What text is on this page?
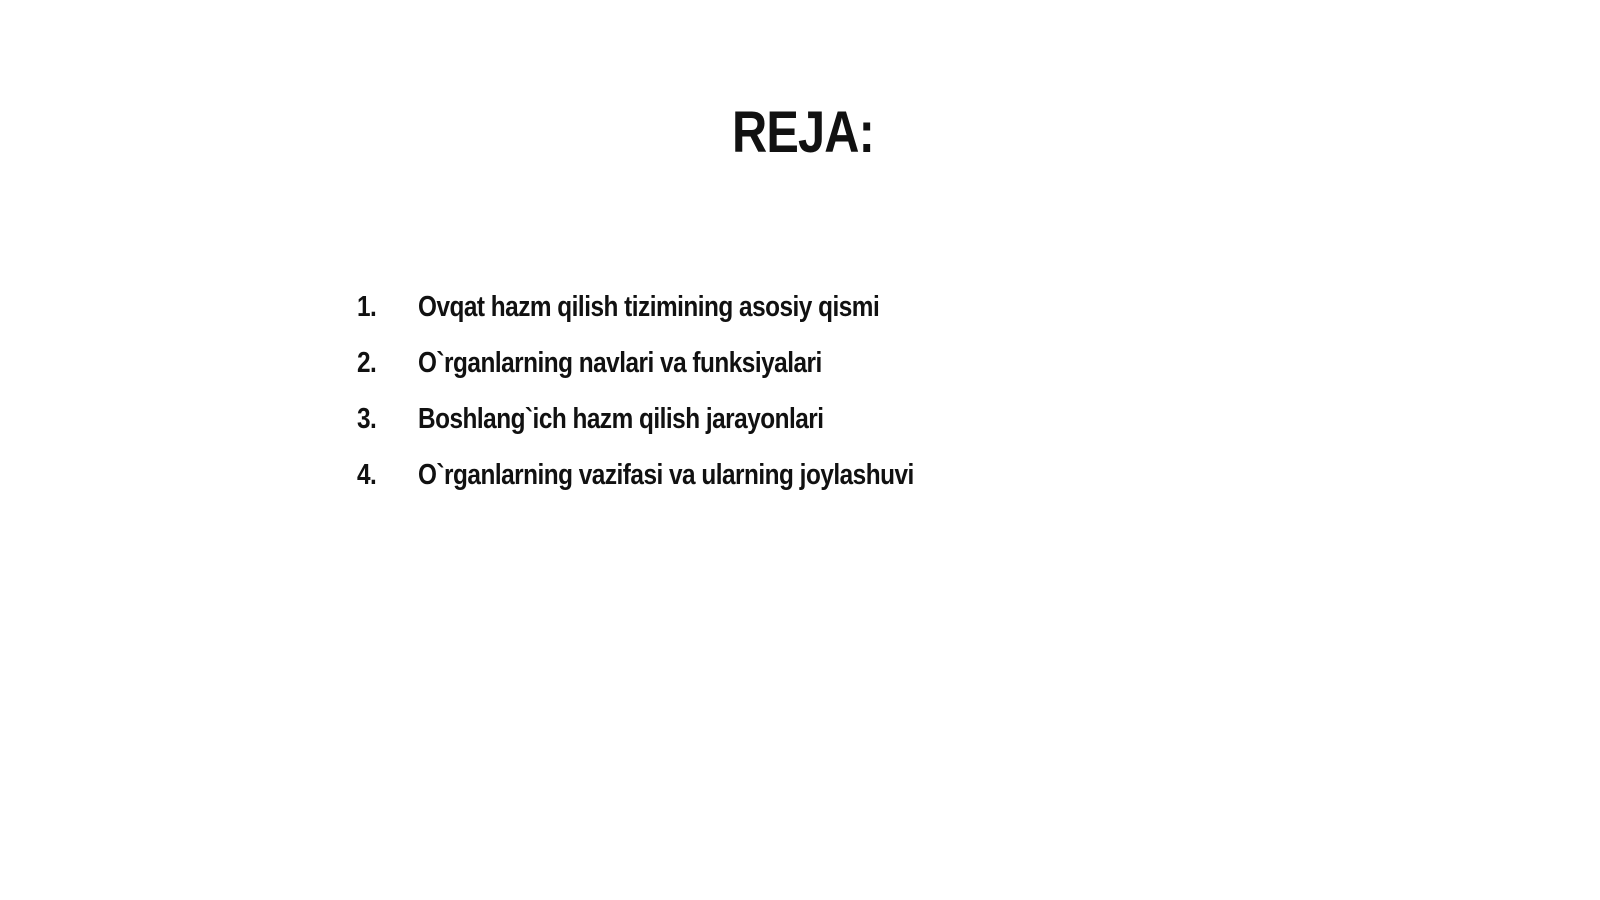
REJA:
1. Ovqat hazm qilish tizimining asosiy qismi
2. O`rganlarning navlari va funksiyalari
3. Boshlang`ich hazm qilish jarayonlari
4. O`rganlarning vazifasi va ularning joylashuvi
